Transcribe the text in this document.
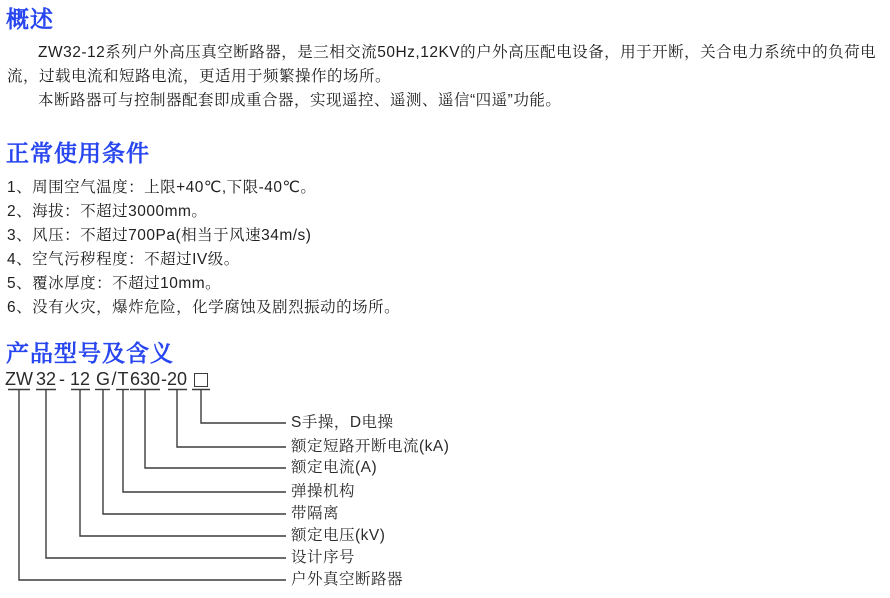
概述

ZW32-12系列户外高压真空断路器，是三相交流50Hz,12KV的户外高压配电设备，用于开断，关合电力系统中的负荷电流，过载电流和短路电流，更适用于频繁操作的场所。

本断路器可与控制器配套即成重合器，实现遥控、遥测、遥信“四遥”功能。

正常使用条件
1、周围空气温度：上限+40℃,下限-40℃。
2、海拔：不超过3000mm。
3、风压：不超过700Pa(相当于风速34m/s)
4、空气污秽程度：不超过IV级。
5、覆冰厚度：不超过10mm。
6、没有火灾，爆炸危险，化学腐蚀及剧烈振动的场所。
产品型号及含义
ZW 32 - 12 G / T 630 - 20
S手操，D电操
额定短路开断电流(kA)
额定电流(A)
弹操机构
带隔离
额定电压(kV)
设计序号
户外真空断路器
